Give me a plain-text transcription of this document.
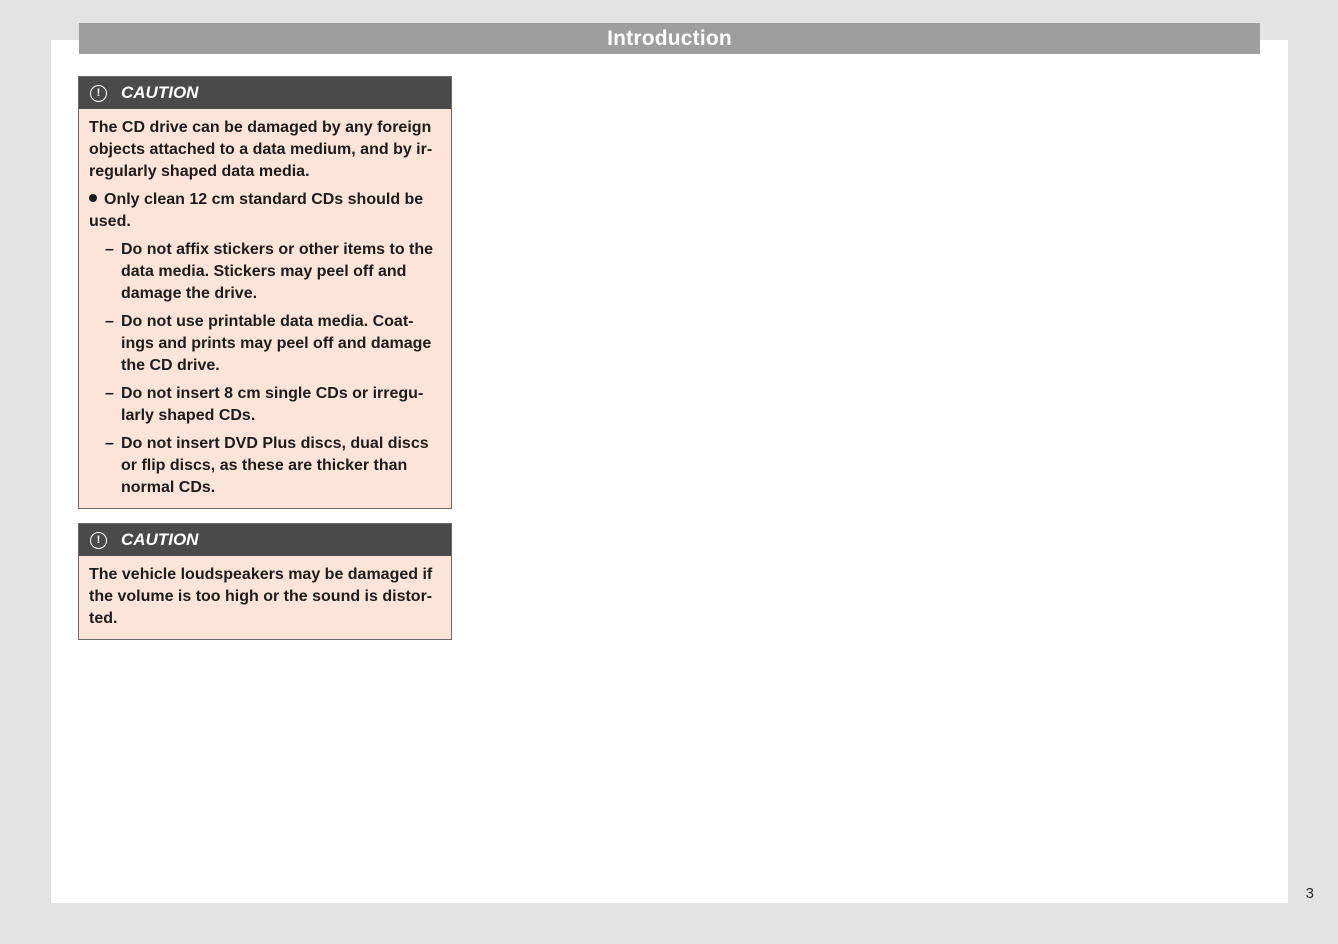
Introduction
!	CAUTION

The CD drive can be damaged by any foreign objects attached to a data medium, and by ir-regularly shaped data media.

Only clean 12 cm standard CDs should be used.
– Do not affix stickers or other items to the data media. Stickers may peel off and damage the drive.
– Do not use printable data media. Coat-ings and prints may peel off and damage the CD drive.
– Do not insert 8 cm single CDs or irregu-larly shaped CDs.
– Do not insert DVD Plus discs, dual discs or flip discs, as these are thicker than normal CDs.
!	CAUTION

The vehicle loudspeakers may be damaged if the volume is too high or the sound is distor-ted.

3
